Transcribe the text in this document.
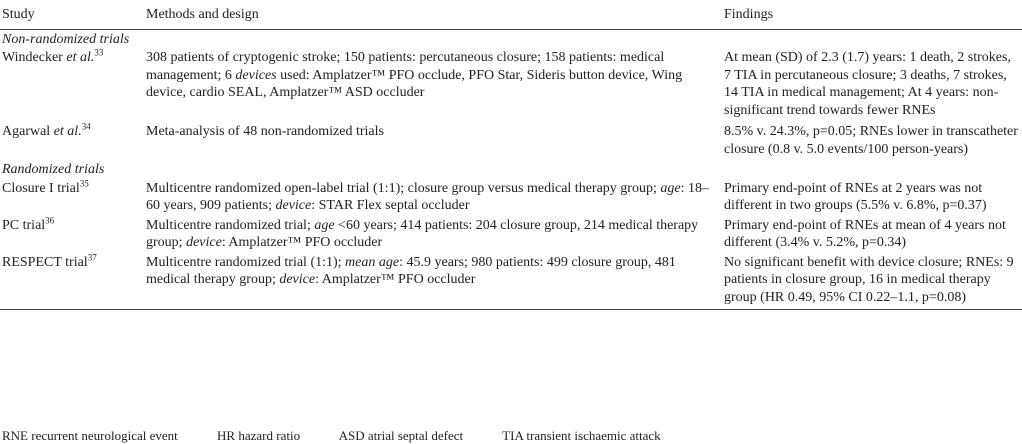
Study	Methods and design	Findings
Non-randomized trials		
Windecker et al.$^{33}$	308 patients of cryptogenic stroke; 150 patients: percutaneous closure; 158 patients: medical management; 6 devices used: Amplatzer™ PFO occlude, PFO Star, Sideris button device, Wing device, cardio SEAL, Amplatzer™ ASD occluder	At mean (SD) of 2.3 (1.7) years: 1 death, 2 strokes, 7 TIA in percutaneous closure; 3 deaths, 7 strokes, 14 TIA in medical management; At 4 years: non-significant trend towards fewer RNEs
Agarwal et al.$^{34}$	Meta-analysis of 48 non-randomized trials	8.5% v. 24.3%, p=0.05; RNEs lower in transcatheter closure (0.8 v. 5.0 events/100 person-years)
Randomized trials		
Closure I trial$^{35}$	Multicentre randomized open-label trial (1:1); closure group versus medical therapy group; age: 18–60 years, 909 patients; device: STAR Flex septal occluder	Primary end-point of RNEs at 2 years was not different in two groups (5.5% v. 6.8%, p=0.37)
PC trial$^{36}$	Multicentre randomized trial; age <60 years; 414 patients: 204 closure group, 214 medical therapy group; device: Amplatzer™ PFO occluder	Primary end-point of RNEs at mean of 4 years not different (3.4% v. 5.2%, p=0.34)
RESPECT trial$^{37}$	Multicentre randomized trial (1:1); mean age: 45.9 years; 980 patients: 499 closure group, 481 medical therapy group; device: Amplatzer™ PFO occluder	No significant benefit with device closure; RNEs: 9 patients in closure group, 16 in medical therapy group (HR 0.49, 95% CI 0.22–1.1, p=0.08)
RNE recurrent neurological event	HR hazard ratio	ASD atrial septal defect	TIA transient ischaemic attack
